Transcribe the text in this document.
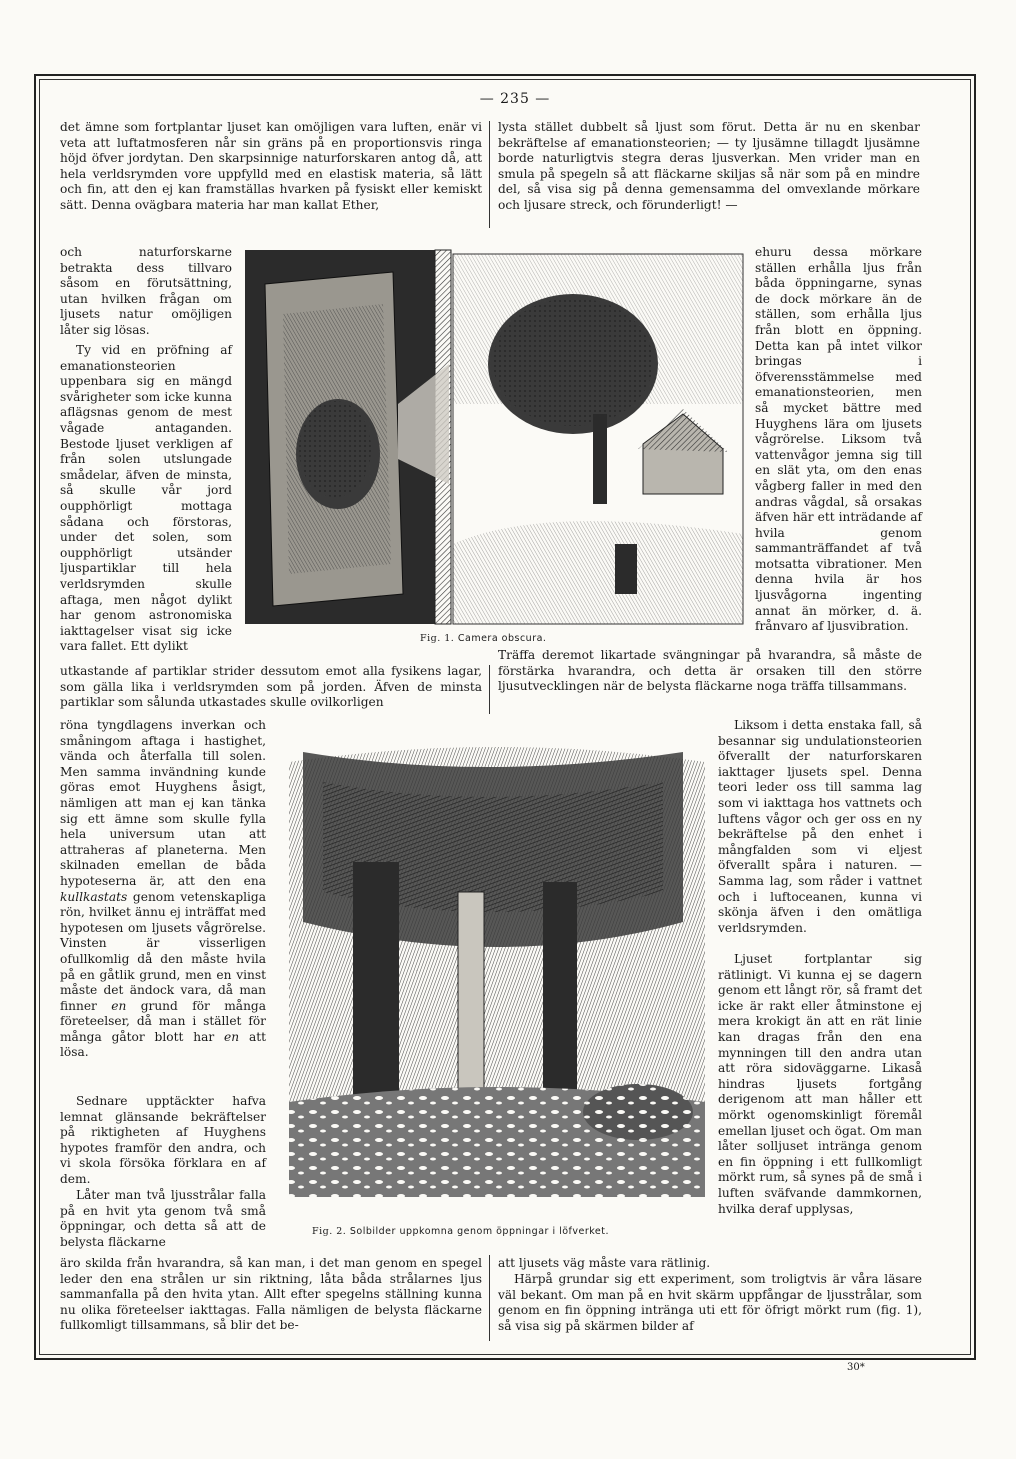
— 235 —

det ämne som fortplantar ljuset kan omöjligen vara luften, enär vi veta att luftatmosferen når sin gräns på en proportionsvis ringa höjd öfver jordytan. Den skarpsinnige naturforskaren antog då, att hela verldsrymden vore uppfylld med en elastisk materia, så lätt och fin, att den ej kan framställas hvarken på fysiskt eller kemiskt sätt. Denna ovägbara materia har man kallat Ether,

och naturforskarne betrakta dess tillvaro såsom en förutsättning, utan hvilken frågan om ljusets natur omöjligen låter sig lösas.

Ty vid en pröfning af emanationsteorien uppenbara sig en mängd svårigheter som icke kunna aflägsnas genom de mest vågade antaganden. Bestode ljuset verkligen af från solen utslungade smådelar, äfven de minsta, så skulle vår jord oupphörligt mottaga sådana och förstoras, under det solen, som oupphörligt utsänder ljuspartiklar till hela verldsrymden skulle aftaga, men något dylikt har genom astronomiska iakttagelser visat sig icke vara fallet. Ett dylikt

utkastande af partiklar strider dessutom emot alla fysikens lagar, som gälla lika i verldsrymden som på jorden. Äfven de minsta partiklar som sålunda utkastades skulle ovilkorligen

röna tyngdlagens inverkan och småningom aftaga i hastighet, vända och återfalla till solen. Men samma invändning kunde göras emot Huyghens åsigt, nämligen att man ej kan tänka sig ett ämne som skulle fylla hela universum utan att attraheras af planeterna. Men skilnaden emellan de båda hypoteserna är, att den ena kullkastats genom vetenskapliga rön, hvilket ännu ej inträffat med hypotesen om ljusets vågrörelse. Vinsten är visserligen ofullkomlig då den måste hvila på en gåtlik grund, men en vinst måste det ändock vara, då man finner en grund för många företeelser, då man i stället för många gåtor blott har en att lösa.

Sednare upptäckter hafva lemnat glänsande bekräftelser på riktigheten af Huyghens hypotes framför den andra, och vi skola försöka förklara en af dem.

Låter man två ljusstrålar falla på en hvit yta genom två små öppningar, och detta så att de belysta fläckarne

äro skilda från hvarandra, så kan man, i det man genom en spegel leder den ena strålen ur sin riktning, låta båda strålarnes ljus sammanfalla på den hvita ytan. Allt efter spegelns ställning kunna nu olika företeelser iakttagas. Falla nämligen de belysta fläckarne fullkomligt tillsammans, så blir det be-

lysta stället dubbelt så ljust som förut. Detta är nu en skenbar bekräftelse af emanationsteorien; — ty ljusämne tillagdt ljusämne borde naturligtvis stegra deras ljusverkan. Men vrider man en smula på spegeln så att fläckarne skiljas så när som på en mindre del, så visa sig på denna gemensamma del omvexlande mörkare och ljusare streck, och förunderligt! —

ehuru dessa mörkare ställen erhålla ljus från båda öppningarne, synas de dock mörkare än de ställen, som erhålla ljus från blott en öppning. Detta kan på intet vilkor bringas i öfverensstämmelse med emanationsteorien, men så mycket bättre med Huyghens lära om ljusets vågrörelse. Liksom två vattenvågor jemna sig till en slät yta, om den enas vågberg faller in med den andras vågdal, så orsakas äfven här ett inträdande af hvila genom sammanträffandet af två motsatta vibrationer. Men denna hvila är hos ljusvågorna ingenting annat än mörker, d. ä. frånvaro af ljusvibration.

Träffa deremot likartade svängningar på hvarandra, så måste de förstärka hvarandra, och detta är orsaken till den större ljusutvecklingen när de belysta fläckarne noga träffa tillsammans.

Liksom i detta enstaka fall, så besannar sig undulationsteorien öfverallt der naturforskaren iakttager ljusets spel. Denna teori leder oss till samma lag som vi iakttaga hos vattnets och luftens vågor och ger oss en ny bekräftelse på den enhet i mångfalden som vi eljest öfverallt spåra i naturen. — Samma lag, som råder i vattnet och i luftoceanen, kunna vi skönja äfven i den omätliga verldsrymden.

Ljuset fortplantar sig rätlinigt. Vi kunna ej se dagern genom ett långt rör, så framt det icke är rakt eller åtminstone ej mera krokigt än att en rät linie kan dragas från den ena mynningen till den andra utan att röra sidoväggarne. Likaså hindras ljusets fortgång derigenom att man håller ett mörkt ogenomskinligt föremål emellan ljuset och ögat. Om man låter solljuset intränga genom en fin öppning i ett fullkomligt mörkt rum, så synes på de små i luften sväfvande dammkornen, hvilka deraf upplysas,

att ljusets väg måste vara rätlinig.

Härpå grundar sig ett experiment, som troligtvis är våra läsare väl bekant. Om man på en hvit skärm uppfångar de ljusstrålar, som genom en fin öppning intränga uti ett för öfrigt mörkt rum (fig. 1), så visa sig på skärmen bilder af

Fig. 1. Camera obscura.
Fig. 2. Solbilder uppkomna genom öppningar i löfverket.
30*
